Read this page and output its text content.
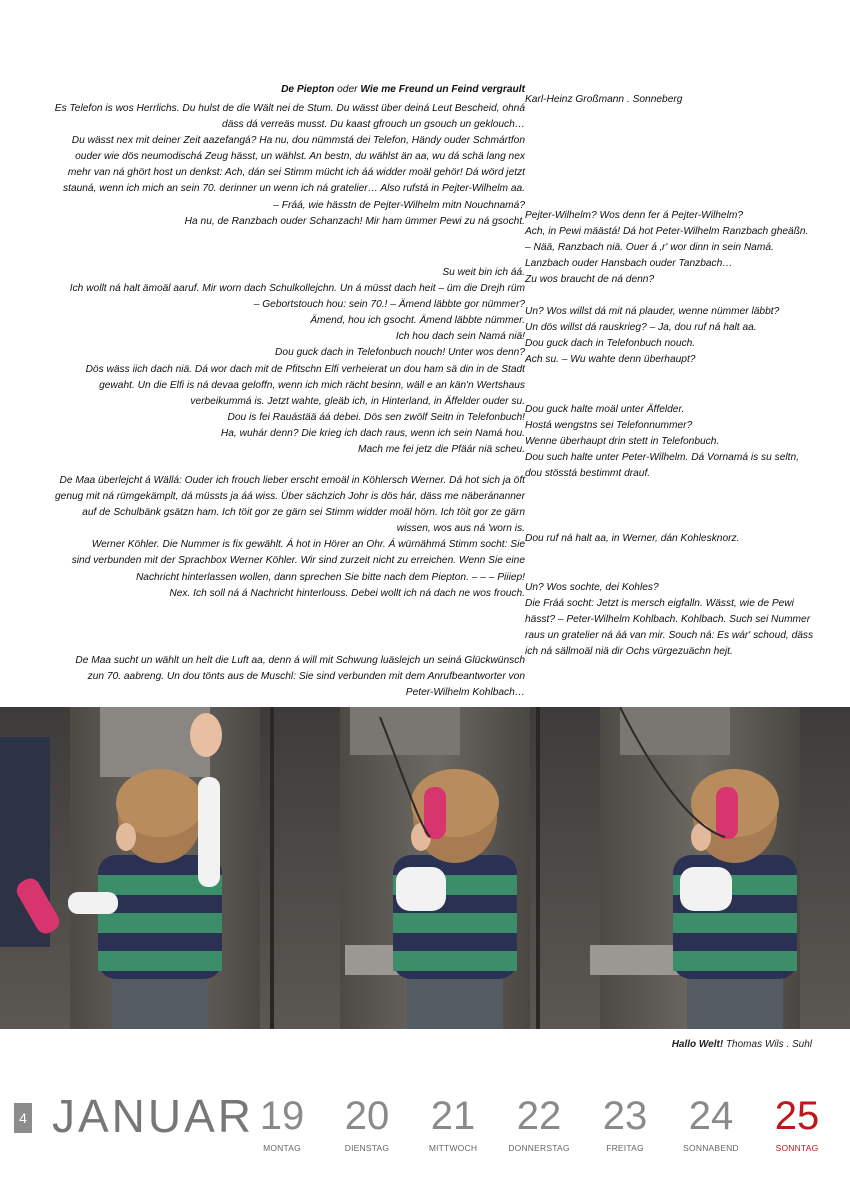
De Piepton oder Wie me Freund un Feind vergrault
Karl-Heinz Großmann . Sonneberg

Es Telefon is wos Herrlichs. Du hulst de die Wält nei de Stum. Du wässt über deiná Leut Bescheid, ohná
däss dá verreäs musst. Du kaast gfrouch un gsouch un geklouch…
Du wässt nex mit deiner Zeit aazefangá? Ha nu, dou nümmstá dei Telefon, Händy ouder Schmártfon
ouder wie dös neumodischá Zeug hässt, un wählst. An bestn, du wählst än aa, wu dá schä lang nex
mehr van ná ghört host un denkst: Ach, dán sei Stimm mücht ich áá widder moäl gehör! Dá wörd jetzt
stauná, wenn ich mich an sein 70. derinner un wenn ich ná gratelier… Also rufstá in Pejter-Wilhelm aa.
– Fráá, wie hässtn de Pejter-Wilhelm mitn Nouchnamá?
Ha nu, de Ranzbach ouder Schanzach! Mir ham ümmer Pewi zu ná gsocht.

Su weit bin ich áá.
Ich wollt ná halt ämoäl aaruf. Mir worn dach Schulkollejchn. Un á müsst dach heit – üm die Drejh rüm
– Gebortstouch hou: sein 70.! – Ämend läbbte gor nümmer?
Ämend, hou ich gsocht. Ämend läbbte nümmer.
Ich hou dach sein Namá niä!
Dou guck dach in Telefonbuch nouch! Unter wos denn?
Dös wäss iich dach niä. Dá wor dach mit de Pfitschn Elfi verheierat un dou ham sä din in de Stadt
gewaht. Un die Elfi is ná devaa geloffn, wenn ich mich rächt besinn, wäll e an kän'n Wertshaus
verbeikummá is. Jetzt wahte, gleäb ich, in Hinterland, in Äffelder ouder su.
Dou is fei Rauástää áá debei. Dös sen zwölf Seitn in Telefonbuch!
Ha, wuhár denn? Die krieg ich dach raus, wenn ich sein Namá hou.
Mach me fei jetz die Pfäár niä scheu.

De Maa überlejcht á Wällá: Ouder ich frouch lieber erscht emoäl in Köhlersch Werner. Dá hot sich ja öft
genug mit ná rümgekämplt, dá müssts ja áá wiss. Über sächzich Johr is dös hár, däss me näberánanner
auf de Schulbänk gsätzn ham. Ich töit gor ze gärn sei Stimm widder moäl hörn. Ich töit gor ze gärn
wissen, wos aus ná 'worn is.
Werner Köhler. Die Nummer is fix gewählt. Á hot in Hörer an Ohr. Á würnähmá Stimm socht: Sie
sind verbunden mit der Sprachbox Werner Köhler. Wir sind zurzeit nicht zu erreichen. Wenn Sie eine
Nachricht hinterlassen wollen, dann sprechen Sie bitte nach dem Piepton. – – – Piiiep!
Nex. Ich soll ná á Nachricht hinterlouss. Debei wollt ich ná dach ne wos frouch.

De Maa sucht un wählt un helt die Luft aa, denn á will mit Schwung luäslejch un seiná Glückwünsch
zun 70. aabreng. Un dou tönts aus de Muschl: Sie sind verbunden mit dem Anrufbeantworter von
Peter-Wilhelm Kohlbach…

Pejter-Wilhelm? Wos denn fer á Pejter-Wilhelm?
Ach, in Pewi määstá! Dá hot Peter-Wilhelm Ranzbach gheäßn.
– Nää, Ranzbach niä. Ouer á ‚r' wor dinn in sein Namá.
Lanzbach ouder Hansbach ouder Tanzbach…
Zu wos braucht de ná denn?
Un? Wos willst dá mit ná plauder, wenne nümmer läbbt?
Un dös willst dá rauskrieg? – Ja, dou ruf ná halt aa.
Dou guck dach in Telefonbuch nouch.
Ach su. – Wu wahte denn überhaupt?
Dou guck halte moäl unter Äffelder.
Hostá wengstns sei Telefonnummer?
Wenne überhaupt drin stett in Telefonbuch.
Dou such halte unter Peter-Wilhelm. Dá Vornamá is su seltn,
dou stösstá bestimmt drauf.
Dou ruf ná halt aa, in Werner, dán Kohlesknorz.
Un? Wos sochte, dei Kohles?
Die Fráá socht: Jetzt is mersch eigfalln. Wässt, wie de Pewi
hässt? – Peter-Wilhelm Kohlbach. Kohlbach. Such sei Nummer
raus un gratelier ná áá van mir. Souch ná: Es wár' schoud, däss
ich ná sällmoäl niä dir Ochs vürgezuächn hejt.
Hallo Welt! Thomas Wils . Suhl
4 JANUAR 19
MONTAG
20
DIENSTAG
21
MITTWOCH
22
DONNERSTAG
23
FREITAG
24
SONNABEND
25
SONNTAG
